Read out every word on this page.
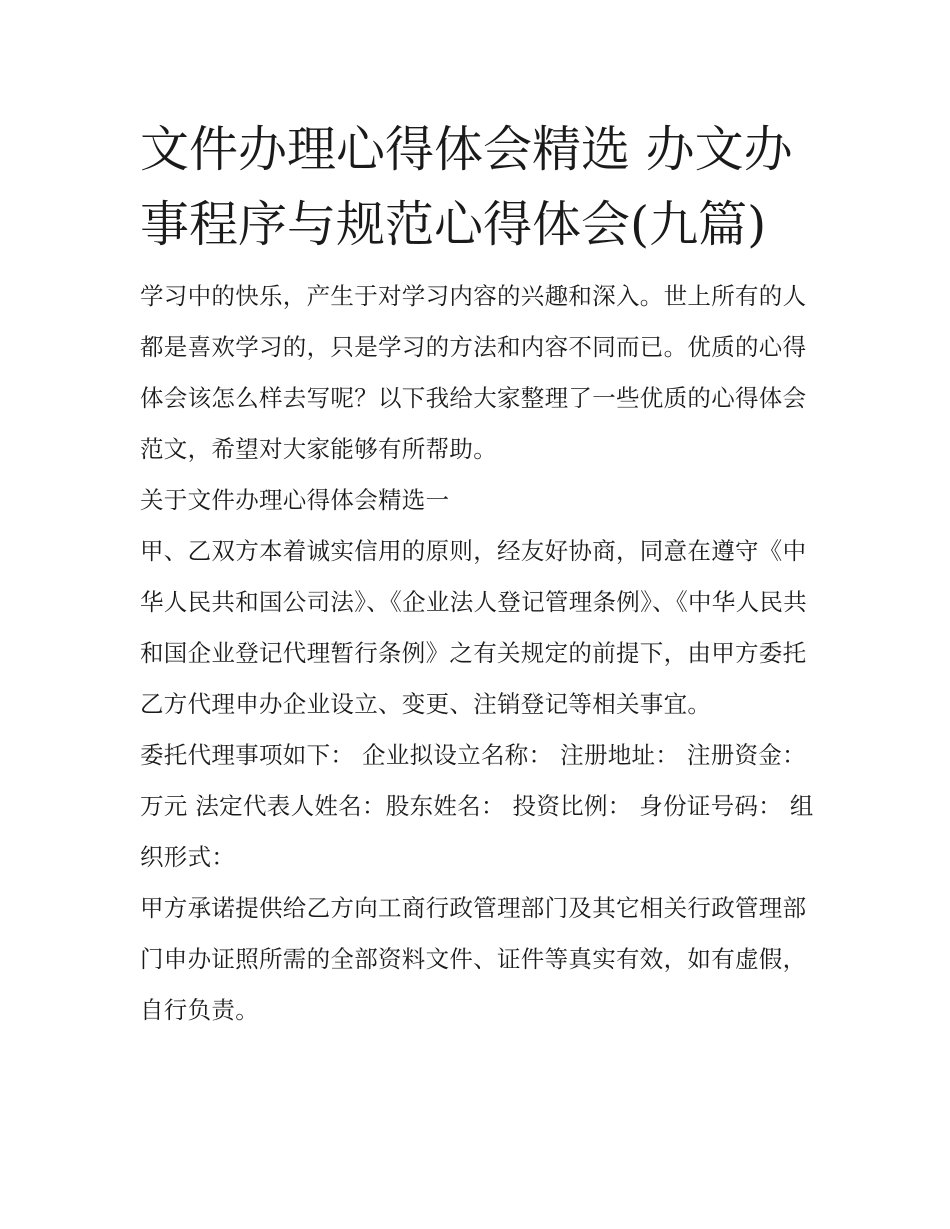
文件办理心得体会精选 办文办事程序与规范心得体会(九篇)

学习中的快乐，产生于对学习内容的兴趣和深入。世上所有的人都是喜欢学习的，只是学习的方法和内容不同而已。优质的心得体会该怎么样去写呢？以下我给大家整理了一些优质的心得体会范文，希望对大家能够有所帮助。

关于文件办理心得体会精选一

甲、乙双方本着诚实信用的原则，经友好协商，同意在遵守《中华人民共和国公司法》、《企业法人登记管理条例》、《中华人民共和国企业登记代理暂行条例》之有关规定的前提下，由甲方委托乙方代理申办企业设立、变更、注销登记等相关事宜。

委托代理事项如下： 企业拟设立名称： 注册地址： 注册资金： 万元 法定代表人姓名：股东姓名： 投资比例： 身份证号码： 组织形式：

甲方承诺提供给乙方向工商行政管理部门及其它相关行政管理部门申办证照所需的全部资料文件、证件等真实有效，如有虚假，自行负责。
